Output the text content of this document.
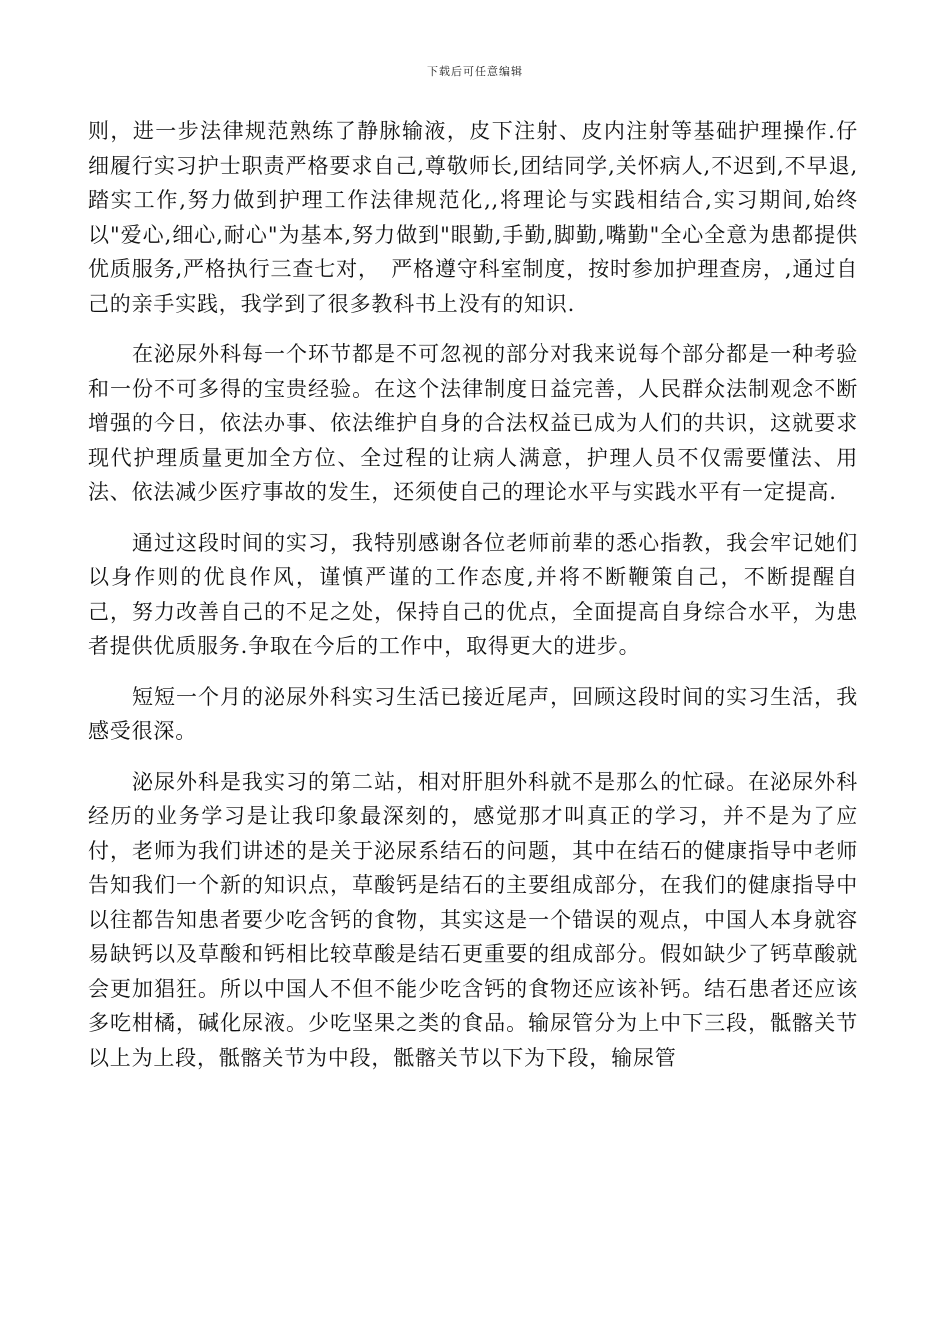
下载后可任意编辑

则，进一步法律规范熟练了静脉输液，皮下注射、皮内注射等基础护理操作.仔细履行实习护士职责严格要求自己,尊敬师长,团结同学,关怀病人,不迟到,不早退,踏实工作,努力做到护理工作法律规范化,,将理论与实践相结合,实习期间,始终以"爱心,细心,耐心"为基本,努力做到"眼勤,手勤,脚勤,嘴勤"全心全意为患都提供优质服务,严格执行三查七对，　严格遵守科室制度，按时参加护理查房，,通过自己的亲手实践，我学到了很多教科书上没有的知识.

在泌尿外科每一个环节都是不可忽视的部分对我来说每个部分都是一种考验和一份不可多得的宝贵经验。在这个法律制度日益完善，人民群众法制观念不断增强的今日，依法办事、依法维护自身的合法权益已成为人们的共识，这就要求现代护理质量更加全方位、全过程的让病人满意，护理人员不仅需要懂法、用法、依法减少医疗事故的发生，还须使自己的理论水平与实践水平有一定提高.

通过这段时间的实习，我特别感谢各位老师前辈的悉心指教，我会牢记她们以身作则的优良作风，谨慎严谨的工作态度,并将不断鞭策自己，不断提醒自己，努力改善自己的不足之处，保持自己的优点，全面提高自身综合水平，为患者提供优质服务.争取在今后的工作中，取得更大的进步。

短短一个月的泌尿外科实习生活已接近尾声，回顾这段时间的实习生活，我感受很深。

泌尿外科是我实习的第二站，相对肝胆外科就不是那么的忙碌。在泌尿外科经历的业务学习是让我印象最深刻的，感觉那才叫真正的学习，并不是为了应付，老师为我们讲述的是关于泌尿系结石的问题，其中在结石的健康指导中老师告知我们一个新的知识点，草酸钙是结石的主要组成部分，在我们的健康指导中以往都告知患者要少吃含钙的食物，其实这是一个错误的观点，中国人本身就容易缺钙以及草酸和钙相比较草酸是结石更重要的组成部分。假如缺少了钙草酸就会更加猖狂。所以中国人不但不能少吃含钙的食物还应该补钙。结石患者还应该多吃柑橘，碱化尿液。少吃坚果之类的食品。输尿管分为上中下三段，骶髂关节以上为上段，骶髂关节为中段，骶髂关节以下为下段，输尿管
